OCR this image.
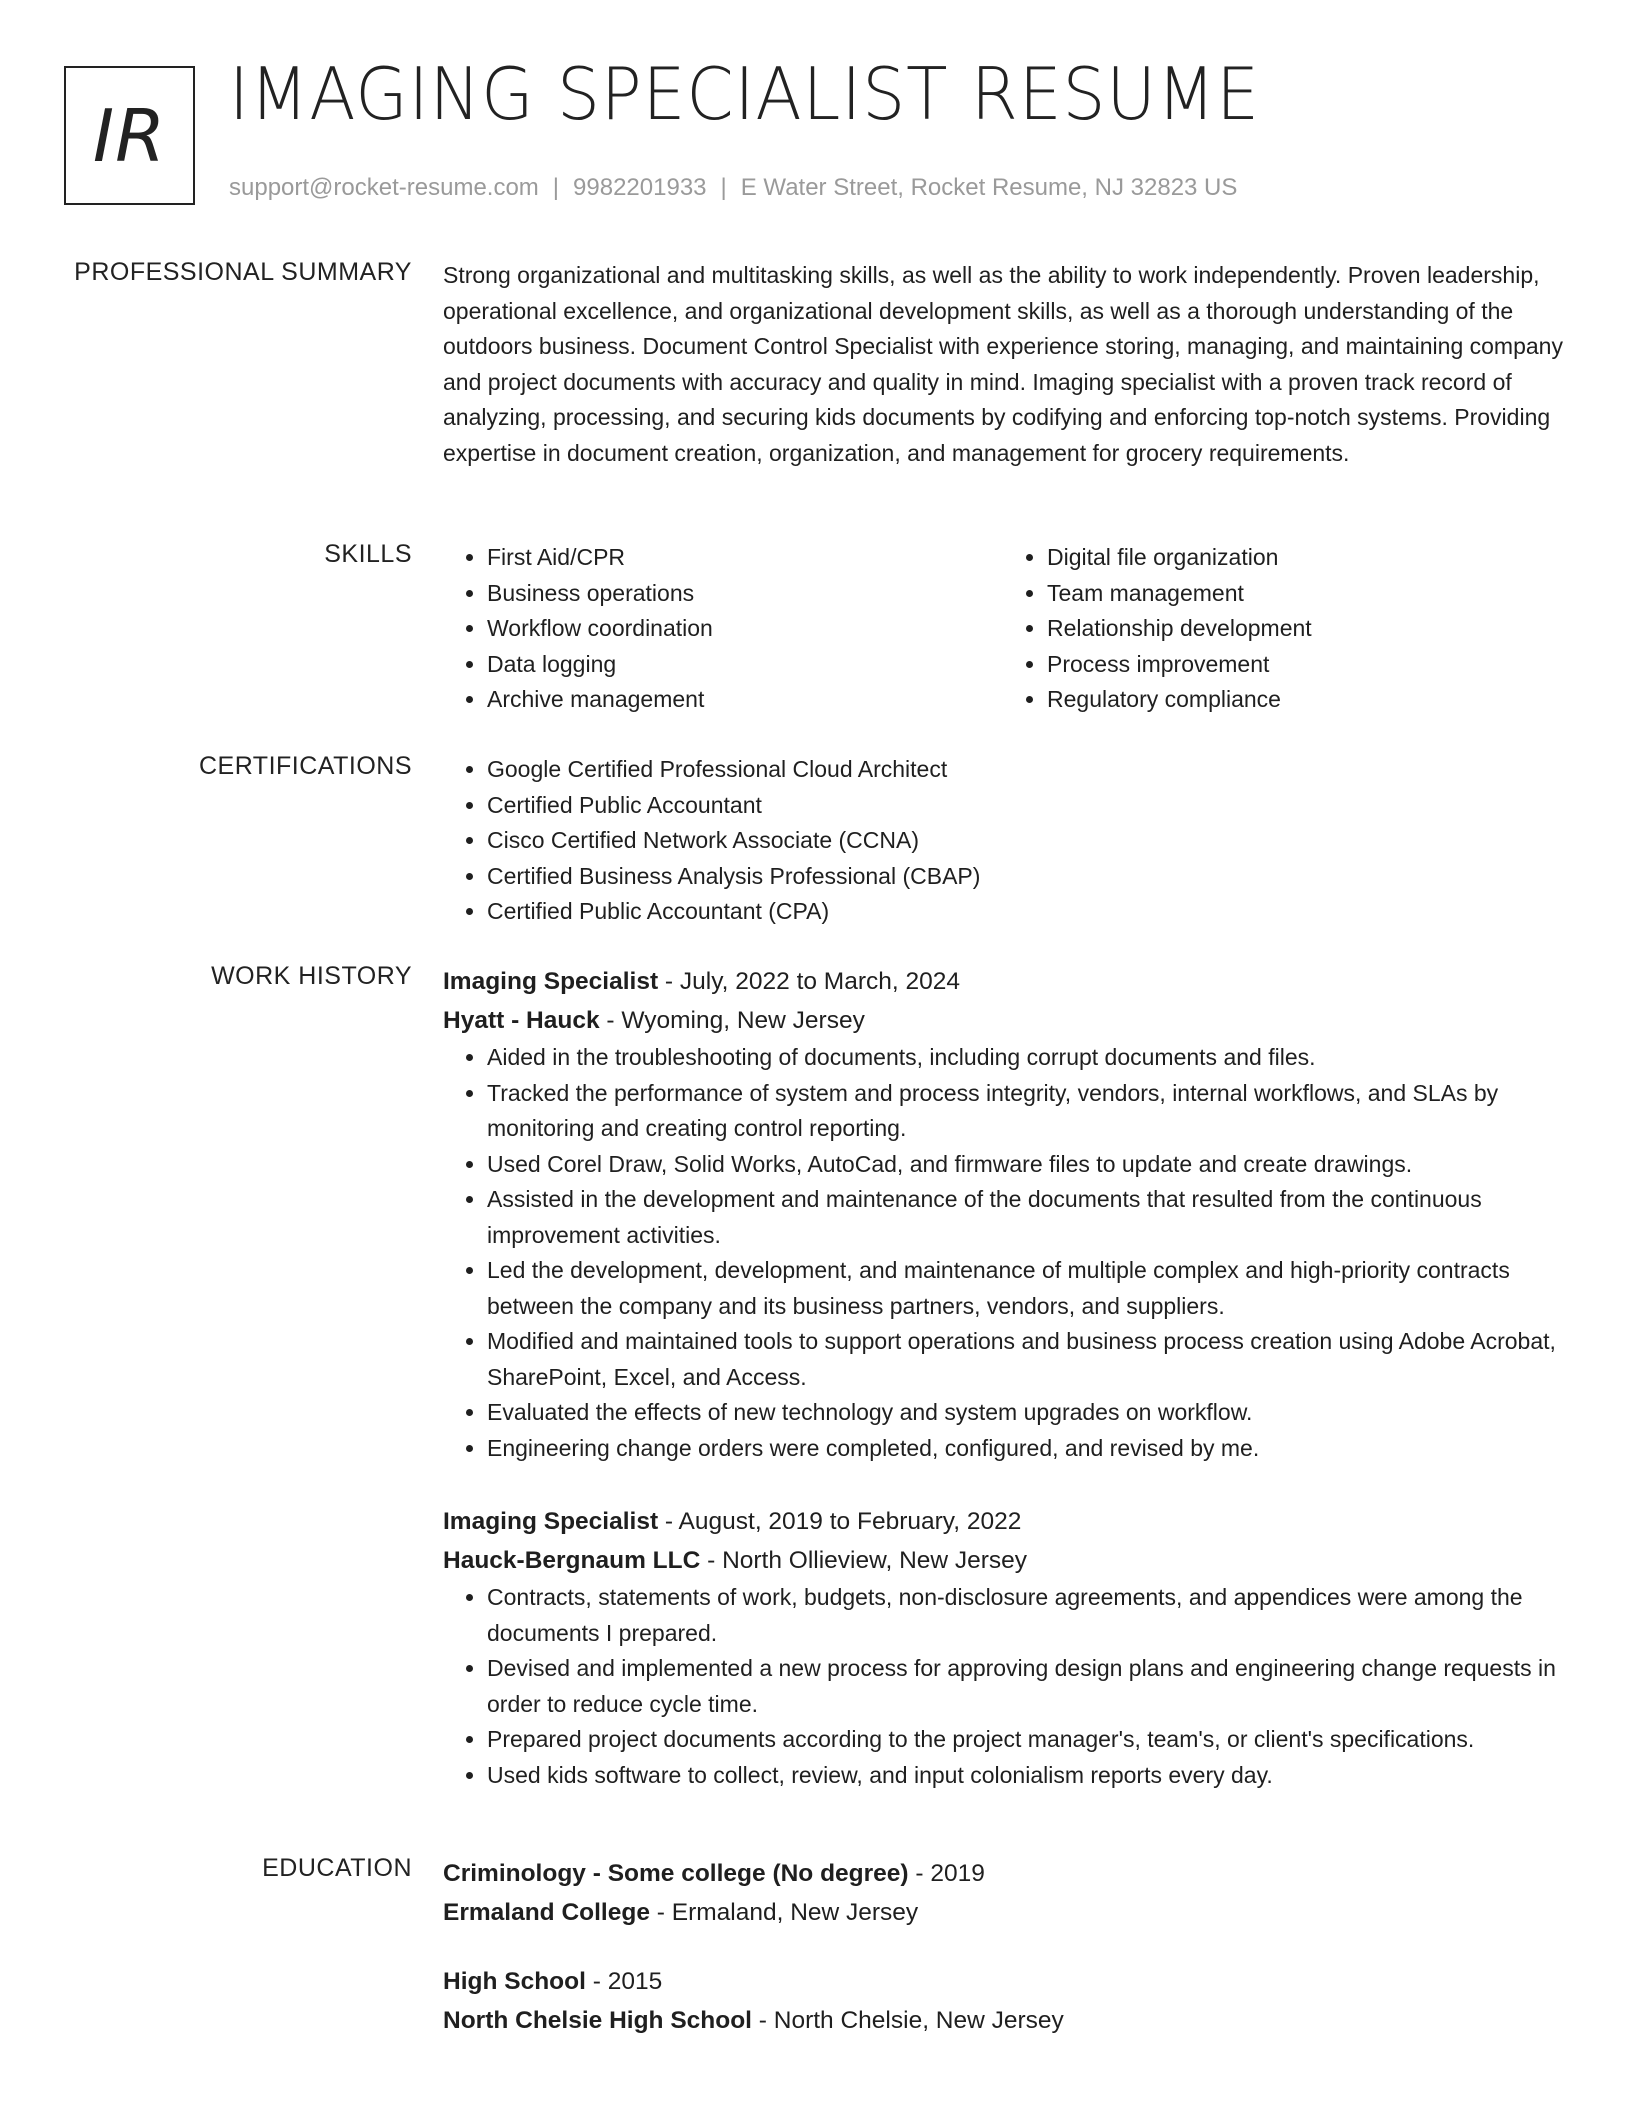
IR IMAGING SPECIALIST RESUME
support@rocket-resume.com | 9982201933 | E Water Street, Rocket Resume, NJ 32823 US
PROFESSIONAL SUMMARY Strong organizational and multitasking skills, as well as the ability to work independently. Proven leadership, operational excellence, and organizational development skills, as well as a thorough understanding of the outdoors business. Document Control Specialist with experience storing, managing, and maintaining company and project documents with accuracy and quality in mind. Imaging specialist with a proven track record of analyzing, processing, and securing kids documents by codifying and enforcing top-notch systems. Providing expertise in document creation, organization, and management for grocery requirements.

SKILLS	• First Aid/CPR
• Business operations
• Workflow coordination
• Data logging
• Archive management
• Digital file organization
• Team management
• Relationship development
• Process improvement
• Regulatory compliance
CERTIFICATIONS	• Google Certified Professional Cloud Architect
• Certified Public Accountant
• Cisco Certified Network Associate (CCNA)
• Certified Business Analysis Professional (CBAP)
• Certified Public Accountant (CPA)
WORK HISTORY Imaging Specialist - July, 2022 to March, 2024
Hyatt - Hauck - Wyoming, New Jersey
• Aided in the troubleshooting of documents, including corrupt documents and files.
• Tracked the performance of system and process integrity, vendors, internal workflows, and SLAs by monitoring and creating control reporting.
• Used Corel Draw, Solid Works, AutoCad, and firmware files to update and create drawings.
• Assisted in the development and maintenance of the documents that resulted from the continuous improvement activities.
• Led the development, development, and maintenance of multiple complex and high-priority contracts between the company and its business partners, vendors, and suppliers.
• Modified and maintained tools to support operations and business process creation using Adobe Acrobat, SharePoint, Excel, and Access.
• Evaluated the effects of new technology and system upgrades on workflow.
• Engineering change orders were completed, configured, and revised by me.
Imaging Specialist - August, 2019 to February, 2022
Hauck-Bergnaum LLC - North Ollieview, New Jersey
• Contracts, statements of work, budgets, non-disclosure agreements, and appendices were among the documents I prepared.
• Devised and implemented a new process for approving design plans and engineering change requests in order to reduce cycle time.
• Prepared project documents according to the project manager's, team's, or client's specifications.
• Used kids software to collect, review, and input colonialism reports every day.
EDUCATION Criminology - Some college (No degree) - 2019
Ermaland College - Ermaland, New Jersey
High School - 2015
North Chelsie High School - North Chelsie, New Jersey
